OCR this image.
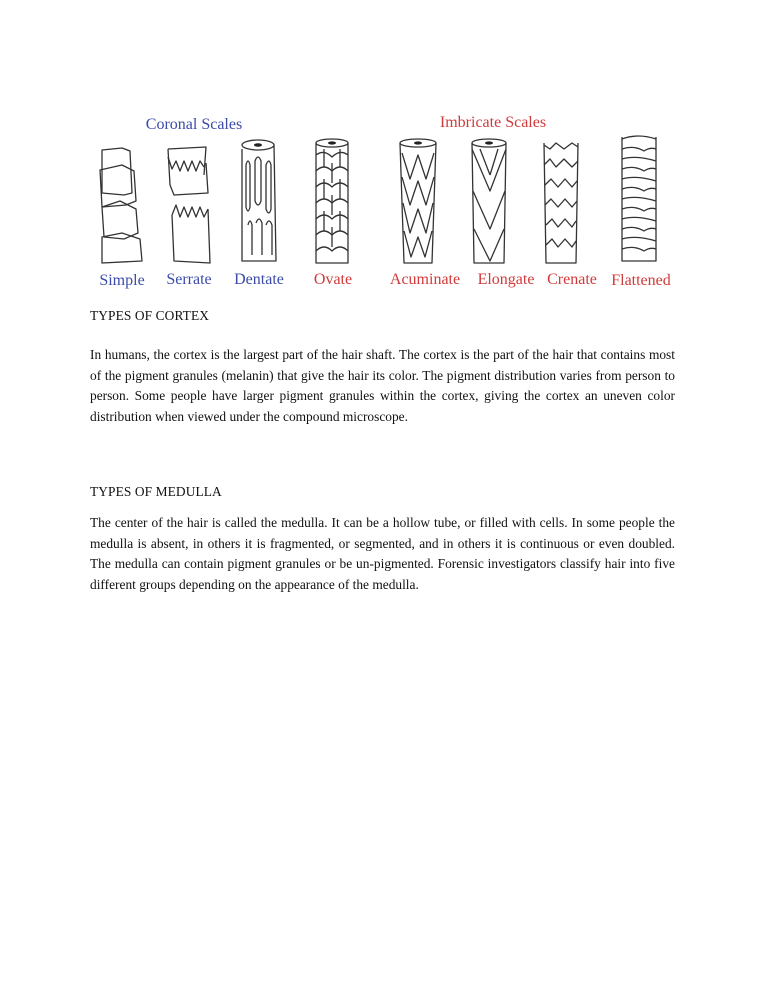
Coronal Scales	Imbricate Scales
Simple Serrate Dentate Ovate Acuminate Elongate Crenate Flattened
TYPES OF CORTEX

In humans, the cortex is the largest part of the hair shaft. The cortex is the part of the hair that contains most of the pigment granules (melanin) that give the hair its color. The pigment distribution varies from person to person. Some people have larger pigment granules within the cortex, giving the cortex an uneven color distribution when viewed under the compound microscope.

TYPES OF MEDULLA

The center of the hair is called the medulla. It can be a hollow tube, or filled with cells. In some people the medulla is absent, in others it is fragmented, or segmented, and in others it is continuous or even doubled. The medulla can contain pigment granules or be un-pigmented. Forensic investigators classify hair into five different groups depending on the appearance of the medulla.
